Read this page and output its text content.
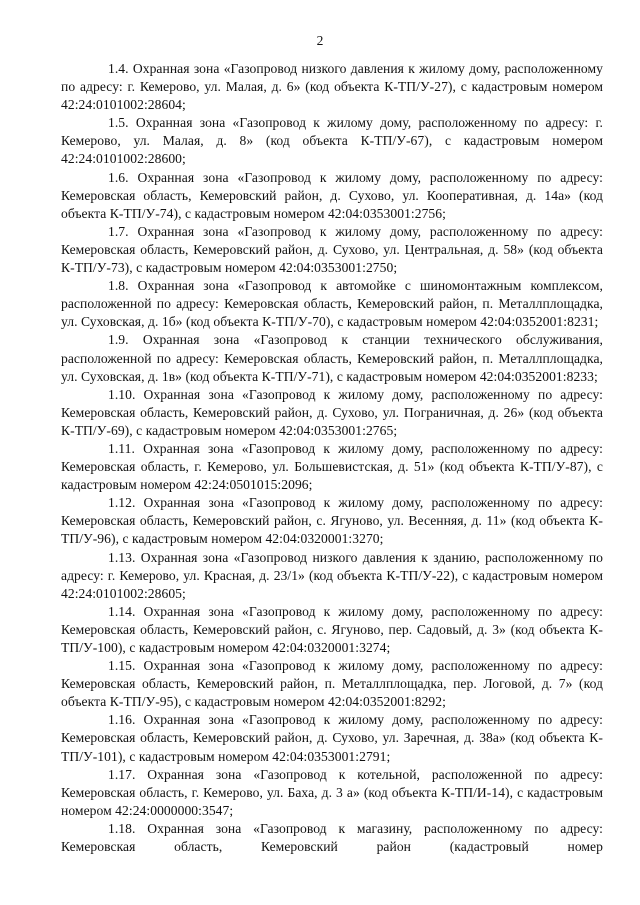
2

1.4. Охранная зона «Газопровод низкого давления к жилому дому, расположенному по адресу: г. Кемерово, ул. Малая, д. 6» (код объекта К-ТП/У-27), с кадастровым номером 42:24:0101002:28604;

1.5. Охранная зона «Газопровод к жилому дому, расположенному по адресу: г. Кемерово, ул. Малая, д. 8» (код объекта К-ТП/У-67), с кадастровым номером 42:24:0101002:28600;

1.6. Охранная зона «Газопровод к жилому дому, расположенному по адресу: Кемеровская область, Кемеровский район, д. Сухово, ул. Кооперативная, д. 14а» (код объекта К-ТП/У-74), с кадастровым номером 42:04:0353001:2756;

1.7. Охранная зона «Газопровод к жилому дому, расположенному по адресу: Кемеровская область, Кемеровский район, д. Сухово, ул. Центральная, д. 58» (код объекта К-ТП/У-73), с кадастровым номером 42:04:0353001:2750;

1.8. Охранная зона «Газопровод к автомойке с шиномонтажным комплексом, расположенной по адресу: Кемеровская область, Кемеровский район, п. Металлплощадка, ул. Суховская, д. 1б» (код объекта К-ТП/У-70), с кадастровым номером 42:04:0352001:8231;

1.9. Охранная зона «Газопровод к станции технического обслуживания, расположенной по адресу: Кемеровская область, Кемеровский район, п. Металлплощадка, ул. Суховская, д. 1в» (код объекта К-ТП/У-71), с кадастровым номером 42:04:0352001:8233;

1.10. Охранная зона «Газопровод к жилому дому, расположенному по адресу: Кемеровская область, Кемеровский район, д. Сухово, ул. Пограничная, д. 26» (код объекта К-ТП/У-69), с кадастровым номером 42:04:0353001:2765;

1.11. Охранная зона «Газопровод к жилому дому, расположенному по адресу: Кемеровская область, г. Кемерово, ул. Большевистская, д. 51» (код объекта К-ТП/У-87), с кадастровым номером 42:24:0501015:2096;

1.12. Охранная зона «Газопровод к жилому дому, расположенному по адресу: Кемеровская область, Кемеровский район, с. Ягуново, ул. Весенняя, д. 11» (код объекта К-ТП/У-96), с кадастровым номером 42:04:0320001:3270;

1.13. Охранная зона «Газопровод низкого давления к зданию, расположенному по адресу: г. Кемерово, ул. Красная, д. 23/1» (код объекта К-ТП/У-22), с кадастровым номером 42:24:0101002:28605;

1.14. Охранная зона «Газопровод к жилому дому, расположенному по адресу: Кемеровская область, Кемеровский район, с. Ягуново, пер. Садовый, д. 3» (код объекта К-ТП/У-100), с кадастровым номером 42:04:0320001:3274;

1.15. Охранная зона «Газопровод к жилому дому, расположенному по адресу: Кемеровская область, Кемеровский район, п. Металлплощадка, пер. Логовой, д. 7» (код объекта К-ТП/У-95), с кадастровым номером 42:04:0352001:8292;

1.16. Охранная зона «Газопровод к жилому дому, расположенному по адресу: Кемеровская область, Кемеровский район, д. Сухово, ул. Заречная, д. 38а» (код объекта К-ТП/У-101), с кадастровым номером 42:04:0353001:2791;

1.17. Охранная зона «Газопровод к котельной, расположенной по адресу: Кемеровская область, г. Кемерово, ул. Баха, д. 3 а» (код объекта К-ТП/И-14), с кадастровым номером 42:24:0000000:3547;

1.18. Охранная зона «Газопровод к магазину, расположенному по адресу: Кемеровская область, Кемеровский район (кадастровый номер
